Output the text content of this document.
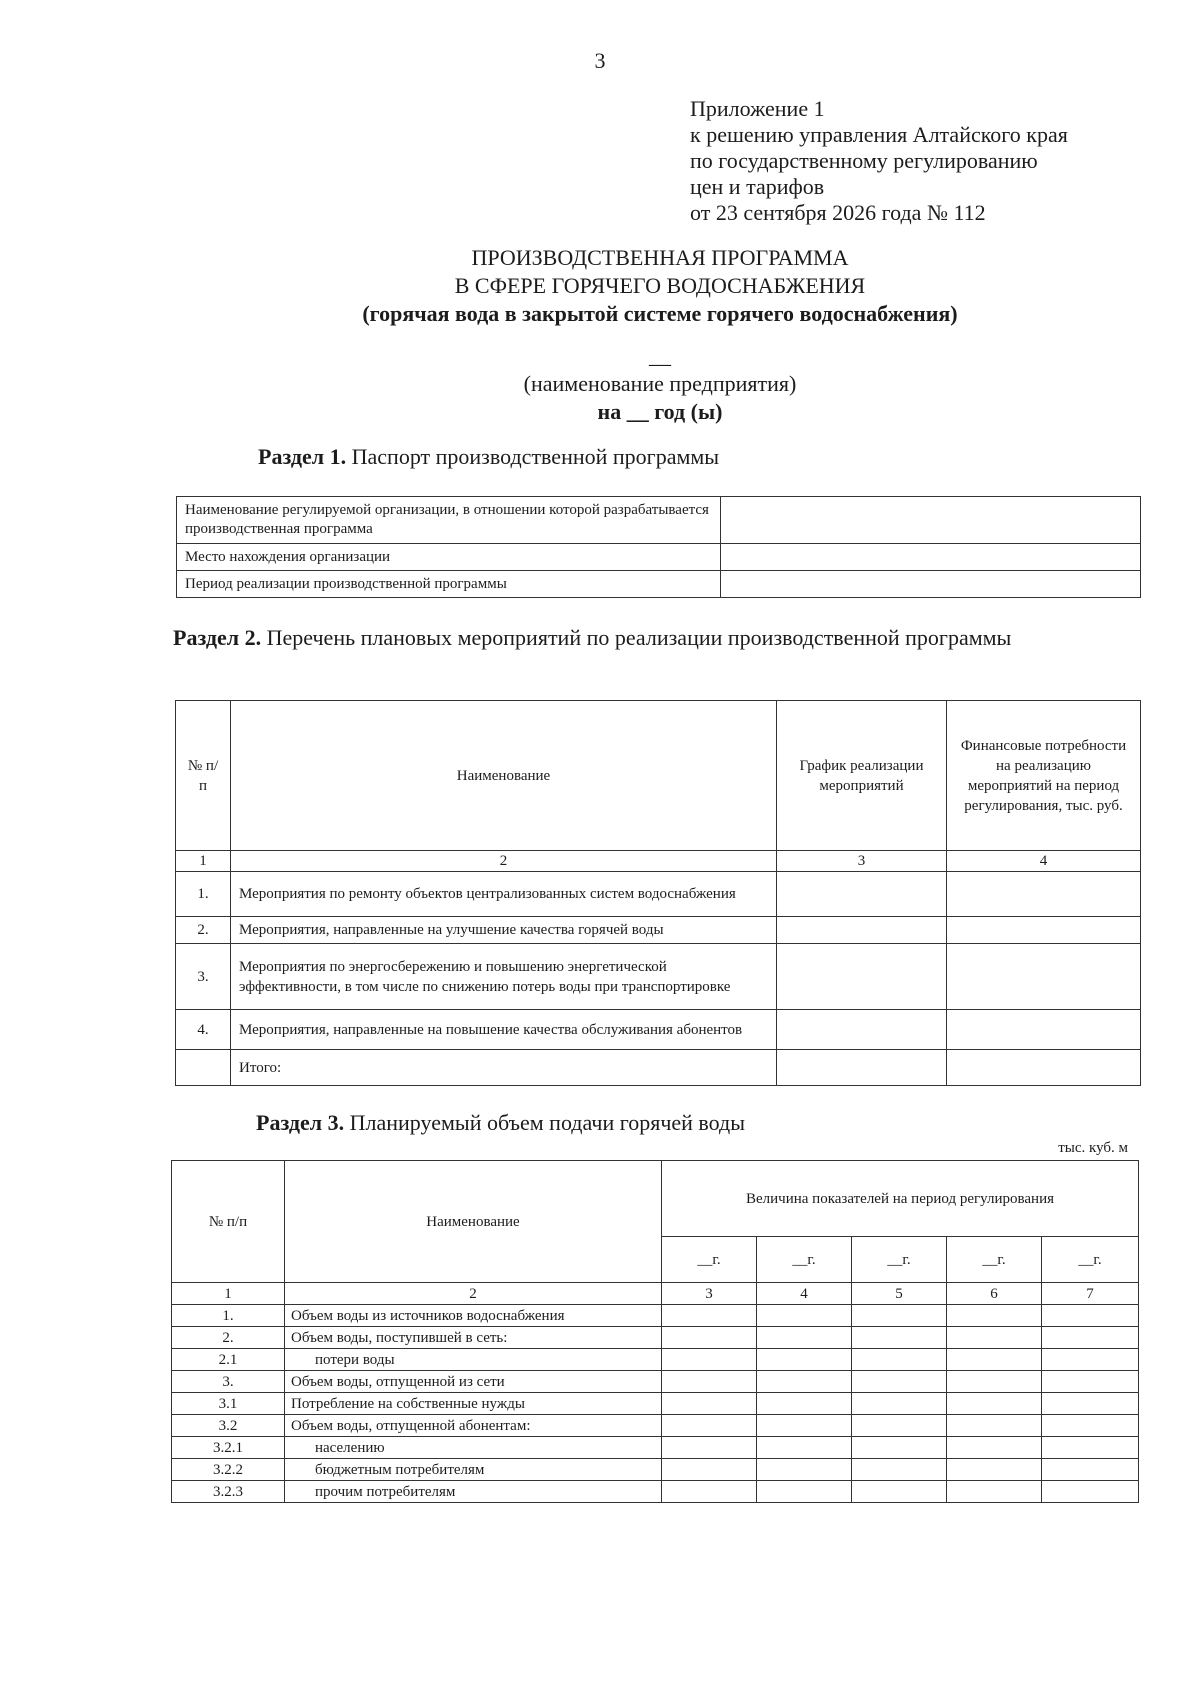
3
Приложение 1
к решению управления Алтайского края
по государственному регулированию
цен и тарифов
от 23 сентября 2026 года № 112
ПРОИЗВОДСТВЕННАЯ ПРОГРАММА
В СФЕРЕ ГОРЯЧЕГО ВОДОСНАБЖЕНИЯ
(горячая вода в закрытой системе горячего водоснабжения)
__
(наименование предприятия)
на __ год (ы)
Раздел 1. Паспорт производственной программы
Наименование регулируемой организации, в отношении которой разрабатывается производственная программа	
Место нахождения организации	
Период реализации производственной программы	
Раздел 2. Перечень плановых мероприятий по реализации производственной программы
№ п/п	Наименование	График реализации мероприятий	Финансовые потребности на реализацию мероприятий на период регулирования, тыс. руб.
1	2	3	4
1.	Мероприятия по ремонту объектов централизованных систем водоснабжения		
2.	Мероприятия, направленные на улучшение качества горячей воды		
3.	Мероприятия по энергосбережению и повышению энергетической эффективности, в том числе по снижению потерь воды при транспортировке		
4.	Мероприятия, направленные на повышение качества обслуживания абонентов		
	Итого:		
Раздел 3. Планируемый объем подачи горячей воды
тыс. куб. м
№ п/п	Наименование	Величина показателей на период регулирования				
		__г.	__г.	__г.	__г.	__г.
1	2	3	4	5	6	7
1.	Объем воды из источников водоснабжения					
2.	Объем воды, поступившей в сеть:					
2.1	потери воды					
3.	Объем воды, отпущенной из сети					
3.1	Потребление на собственные нужды					
3.2	Объем воды, отпущенной абонентам:					
3.2.1	населению					
3.2.2	бюджетным потребителям					
3.2.3	прочим потребителям					
